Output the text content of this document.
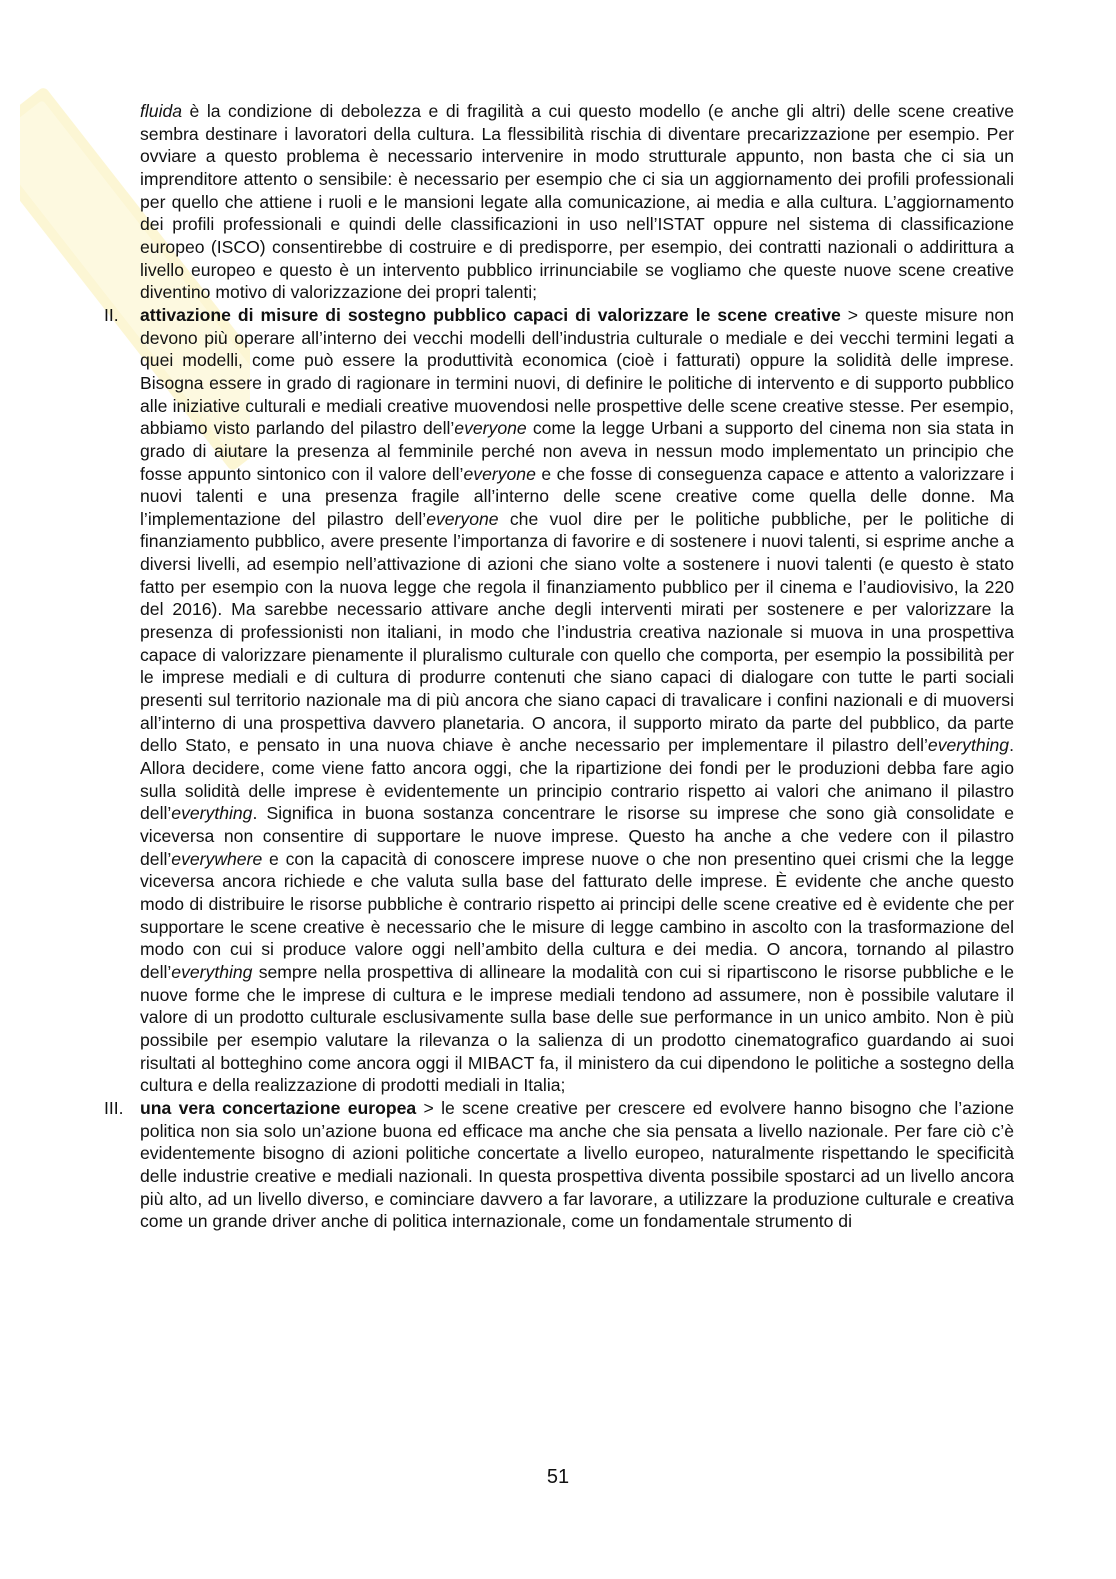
fluida è la condizione di debolezza e di fragilità a cui questo modello (e anche gli altri) delle scene creative sembra destinare i lavoratori della cultura. La flessibilità rischia di diventare precarizzazione per esempio. Per ovviare a questo problema è necessario intervenire in modo strutturale appunto, non basta che ci sia un imprenditore attento o sensibile: è necessario per esempio che ci sia un aggiornamento dei profili professionali per quello che attiene i ruoli e le mansioni legate alla comunicazione, ai media e alla cultura. L’aggiornamento dei profili professionali e quindi delle classificazioni in uso nell’ISTAT oppure nel sistema di classificazione europeo (ISCO) consentirebbe di costruire e di predisporre, per esempio, dei contratti nazionali o addirittura a livello europeo e questo è un intervento pubblico irrinunciabile se vogliamo che queste nuove scene creative diventino motivo di valorizzazione dei propri talenti;

II.	attivazione di misure di sostegno pubblico capaci di valorizzare le scene creative > queste misure non devono più operare all’interno dei vecchi modelli dell’industria culturale o mediale e dei vecchi termini legati a quei modelli, come può essere la produttività economica (cioè i fatturati) oppure la solidità delle imprese. Bisogna essere in grado di ragionare in termini nuovi, di definire le politiche di intervento e di supporto pubblico alle iniziative culturali e mediali creative muovendosi nelle prospettive delle scene creative stesse. Per esempio, abbiamo visto parlando del pilastro dell’everyone come la legge Urbani a supporto del cinema non sia stata in grado di aiutare la presenza al femminile perché non aveva in nessun modo implementato un principio che fosse appunto sintonico con il valore dell’everyone e che fosse di conseguenza capace e attento a valorizzare i nuovi talenti e una presenza fragile all’interno delle scene creative come quella delle donne. Ma l’implementazione del pilastro dell’everyone che vuol dire per le politiche pubbliche, per le politiche di finanziamento pubblico, avere presente l’importanza di favorire e di sostenere i nuovi talenti, si esprime anche a diversi livelli, ad esempio nell’attivazione di azioni che siano volte a sostenere i nuovi talenti (e questo è stato fatto per esempio con la nuova legge che regola il finanziamento pubblico per il cinema e l’audiovisivo, la 220 del 2016). Ma sarebbe necessario attivare anche degli interventi mirati per sostenere e per valorizzare la presenza di professionisti non italiani, in modo che l’industria creativa nazionale si muova in una prospettiva capace di valorizzare pienamente il pluralismo culturale con quello che comporta, per esempio la possibilità per le imprese mediali e di cultura di produrre contenuti che siano capaci di dialogare con tutte le parti sociali presenti sul territorio nazionale ma di più ancora che siano capaci di travalicare i confini nazionali e di muoversi all’interno di una prospettiva davvero planetaria. O ancora, il supporto mirato da parte del pubblico, da parte dello Stato, e pensato in una nuova chiave è anche necessario per implementare il pilastro dell’everything. Allora decidere, come viene fatto ancora oggi, che la ripartizione dei fondi per le produzioni debba fare agio sulla solidità delle imprese è evidentemente un principio contrario rispetto ai valori che animano il pilastro dell’everything. Significa in buona sostanza concentrare le risorse su imprese che sono già consolidate e viceversa non consentire di supportare le nuove imprese. Questo ha anche a che vedere con il pilastro dell’everywhere e con la capacità di conoscere imprese nuove o che non presentino quei crismi che la legge viceversa ancora richiede e che valuta sulla base del fatturato delle imprese. È evidente che anche questo modo di distribuire le risorse pubbliche è contrario rispetto ai principi delle scene creative ed è evidente che per supportare le scene creative è necessario che le misure di legge cambino in ascolto con la trasformazione del modo con cui si produce valore oggi nell’ambito della cultura e dei media. O ancora, tornando al pilastro dell’everything sempre nella prospettiva di allineare la modalità con cui si ripartiscono le risorse pubbliche e le nuove forme che le imprese di cultura e le imprese mediali tendono ad assumere, non è possibile valutare il valore di un prodotto culturale esclusivamente sulla base delle sue performance in un unico ambito. Non è più possibile per esempio valutare la rilevanza o la salienza di un prodotto cinematografico guardando ai suoi risultati al botteghino come ancora oggi il MIBACT fa, il ministero da cui dipendono le politiche a sostegno della cultura e della realizzazione di prodotti mediali in Italia;

III. una vera concertazione europea > le scene creative per crescere ed evolvere hanno bisogno che l’azione politica non sia solo un’azione buona ed efficace ma anche che sia pensata a livello nazionale. Per fare ciò c’è evidentemente bisogno di azioni politiche concertate a livello europeo, naturalmente rispettando le specificità delle industrie creative e mediali nazionali. In questa prospettiva diventa possibile spostarci ad un livello ancora più alto, ad un livello diverso, e cominciare davvero a far lavorare, a utilizzare la produzione culturale e creativa come un grande driver anche di politica internazionale, come un fondamentale strumento di

51
